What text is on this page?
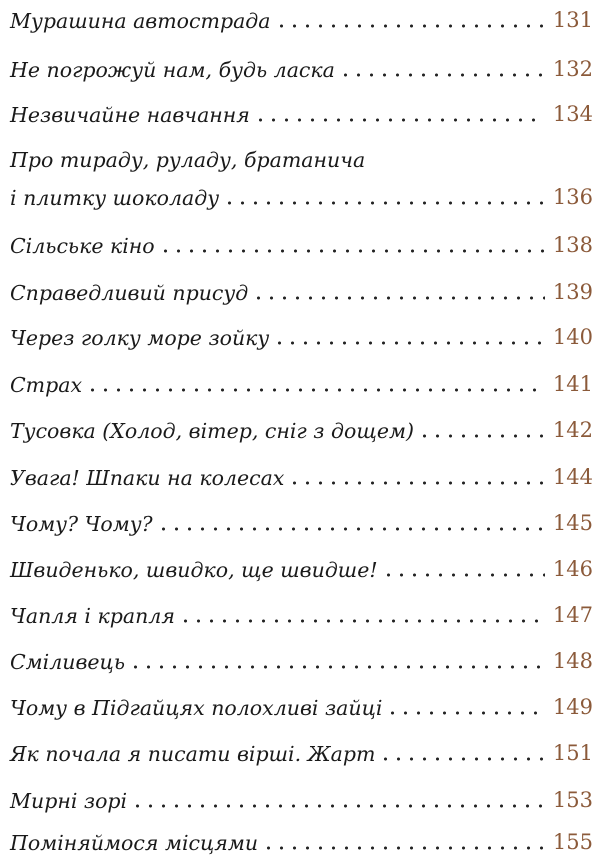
Мурашина автострада	131
Не погрожуй нам, будь ласка	132
Незвичайне навчання	134
Про тираду, руладу, братанича
і плитку шоколаду	136
Сільське кіно	138
Справедливий присуд	139
Через голку море зойку	140
Страх	141
Тусовка (Холод, вітер, сніг з дощем)	142
Увага! Шпаки на колесах	144
Чому? Чому?	145
Швиденько, швидко, ще швидше!	146
Чапля і крапля	147
Сміливець	148
Чому в Підгайцях полохливі зайці	149
Як почала я писати вірші. Жарт	151
Мирні зорі	153
Поміняймося місцями	155
